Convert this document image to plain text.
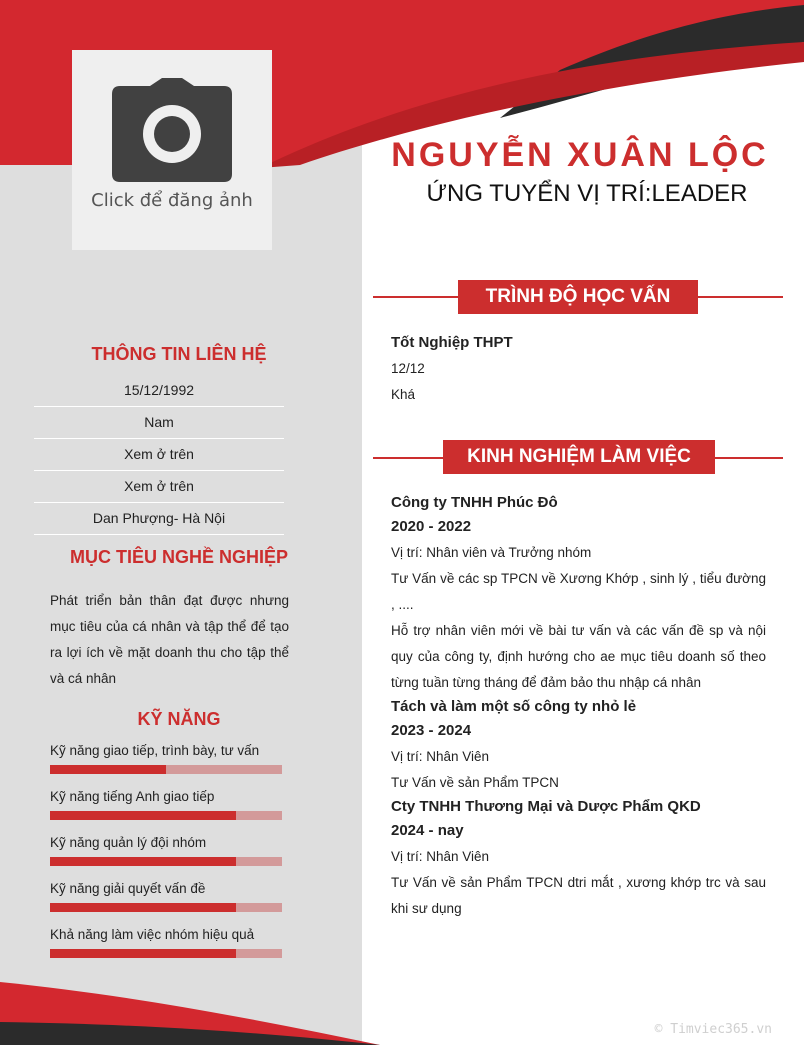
Click để đăng ảnh
NGUYỄN XUÂN LỘC
ỨNG TUYỂN VỊ TRÍ:LEADER
THÔNG TIN LIÊN HỆ
15/12/1992
Nam
Xem ở trên
Xem ở trên
Dan Phượng- Hà Nội
MỤC TIÊU NGHỀ NGHIỆP
Phát triển bản thân đạt được nhưng mục tiêu của cá nhân và tập thể để tạo ra lợi ích về mặt doanh thu cho tập thể và cá nhân
KỸ NĂNG
Kỹ năng giao tiếp, trình bày, tư vấn
Kỹ năng tiếng Anh giao tiếp
Kỹ năng quản lý đội nhóm
Kỹ năng giải quyết vấn đề
Khả năng làm việc nhóm hiệu quả
TRÌNH ĐỘ HỌC VẤN
Tốt Nghiệp THPT
12/12
Khá
KINH NGHIỆM LÀM VIỆC
Công ty TNHH Phúc Đô
2020 - 2022
Vị trí: Nhân viên và Trưởng nhóm
Tư Vấn về các sp TPCN về Xương Khớp , sinh lý , tiểu đường , ....
Hỗ trợ nhân viên mới về bài tư vấn và các vấn đề sp và nội quy của công ty, định hướng cho ae mục tiêu doanh số theo từng tuần từng tháng để đảm bảo thu nhập cá nhân
Tách và làm một số công ty nhỏ lẻ
2023 - 2024
Vị trí: Nhân Viên
Tư Vấn về sản Phẩm TPCN
Cty TNHH Thương Mại và Dược Phẩm QKD
2024 - nay
Vị trí: Nhân Viên
Tư Vấn về sản Phẩm TPCN dtri mắt , xương khớp trc và sau khi sư dụng
© Timviec365.vn
